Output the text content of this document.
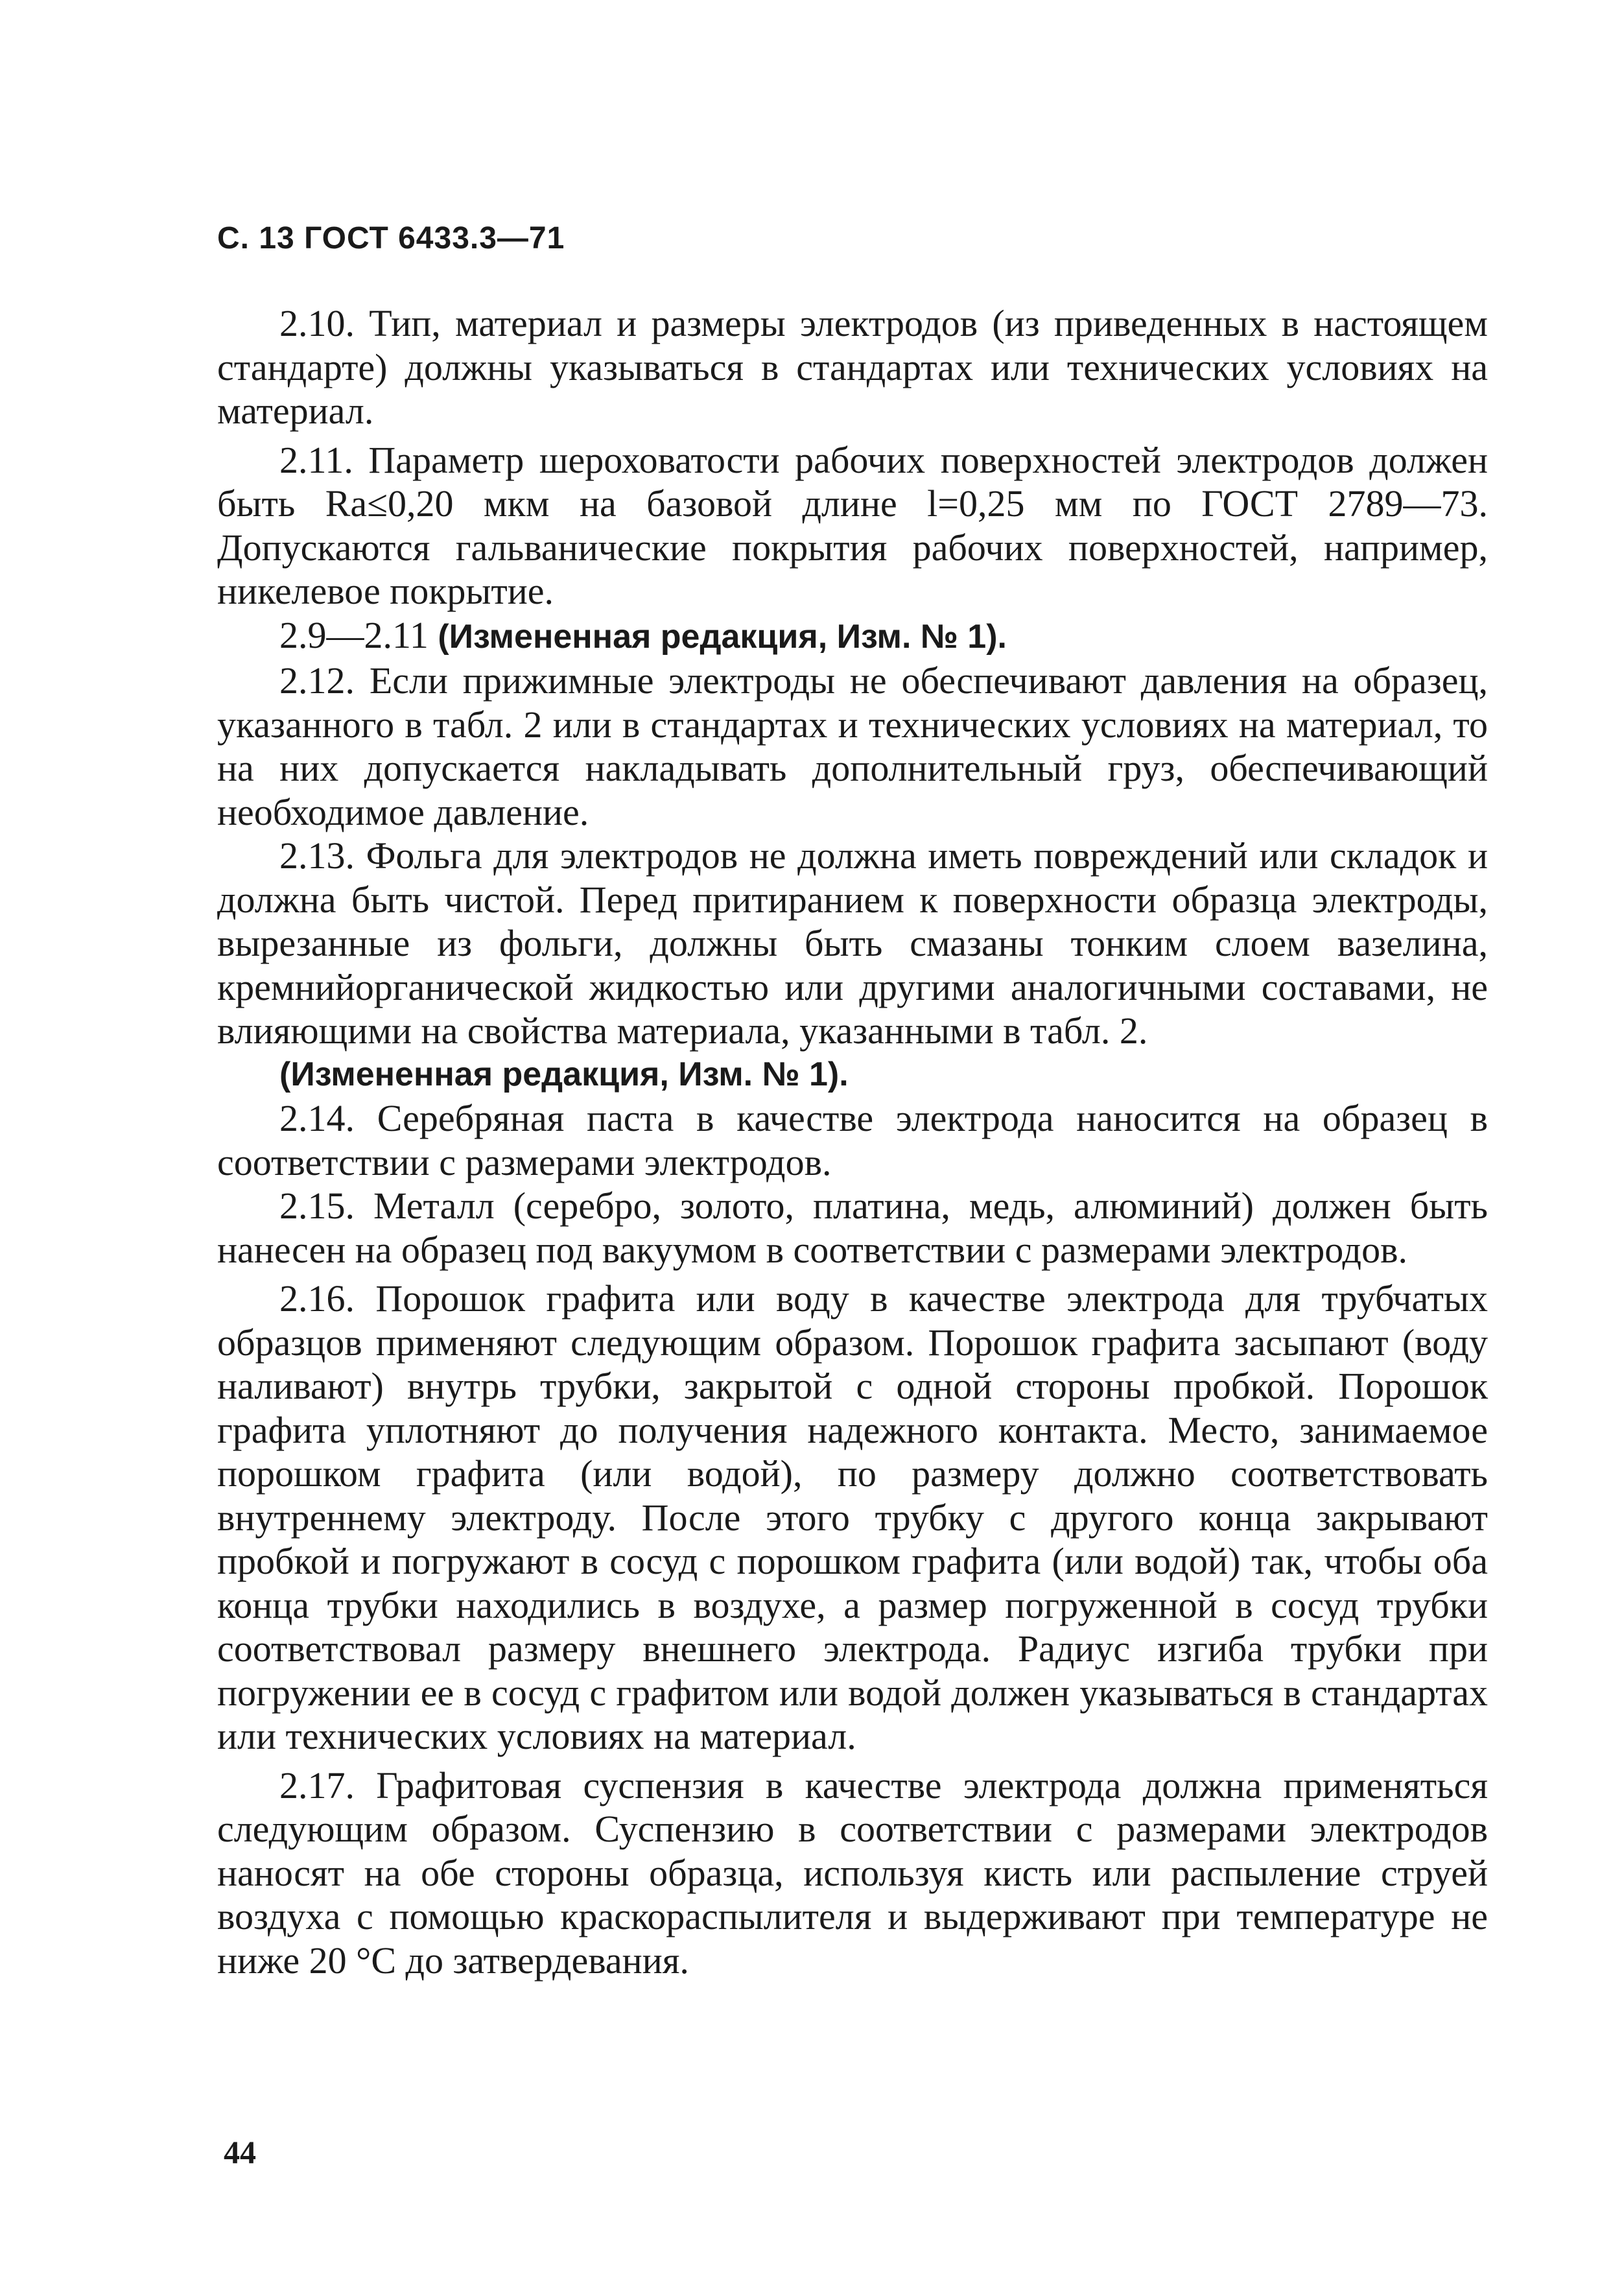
С. 13 ГОСТ 6433.3—71

2.10. Тип, материал и размеры электродов (из приведенных в настоящем стандарте) должны указываться в стандартах или технических условиях на материал.

2.11. Параметр шероховатости рабочих поверхностей электродов должен быть Ra≤0,20 мкм на базовой длине l=0,25 мм по ГОСТ 2789—73. Допускаются гальванические покрытия рабочих поверхностей, например, никелевое покрытие.

2.9—2.11 (Измененная редакция, Изм. № 1).

2.12. Если прижимные электроды не обеспечивают давления на образец, указанного в табл. 2 или в стандартах и технических условиях на материал, то на них допускается накладывать дополнительный груз, обеспечивающий необходимое давление.

2.13. Фольга для электродов не должна иметь повреждений или складок и должна быть чистой. Перед притиранием к поверхности образца электроды, вырезанные из фольги, должны быть смазаны тонким слоем вазелина, кремнийорганической жидкостью или другими аналогичными составами, не влияющими на свойства материала, указанными в табл. 2.

(Измененная редакция, Изм. № 1).

2.14. Серебряная паста в качестве электрода наносится на образец в соответствии с размерами электродов.

2.15. Металл (серебро, золото, платина, медь, алюминий) должен быть нанесен на образец под вакуумом в соответствии с размерами электродов.

2.16. Порошок графита или воду в качестве электрода для трубчатых образцов применяют следующим образом. Порошок графита засыпают (воду наливают) внутрь трубки, закрытой с одной стороны пробкой. Порошок графита уплотняют до получения надежного контакта. Место, занимаемое порошком графита (или водой), по размеру должно соответствовать внутреннему электроду. После этого трубку с другого конца закрывают пробкой и погружают в сосуд с порошком графита (или водой) так, чтобы оба конца трубки находились в воздухе, а размер погруженной в сосуд трубки соответствовал размеру внешнего электрода. Радиус изгиба трубки при погружении ее в сосуд с графитом или водой должен указываться в стандартах или технических условиях на материал.

2.17. Графитовая суспензия в качестве электрода должна применяться следующим образом. Суспензию в соответствии с размерами электродов наносят на обе стороны образца, используя кисть или распыление струей воздуха с помощью краскораспылителя и выдерживают при температуре не ниже 20 °С до затвердевания.

44
